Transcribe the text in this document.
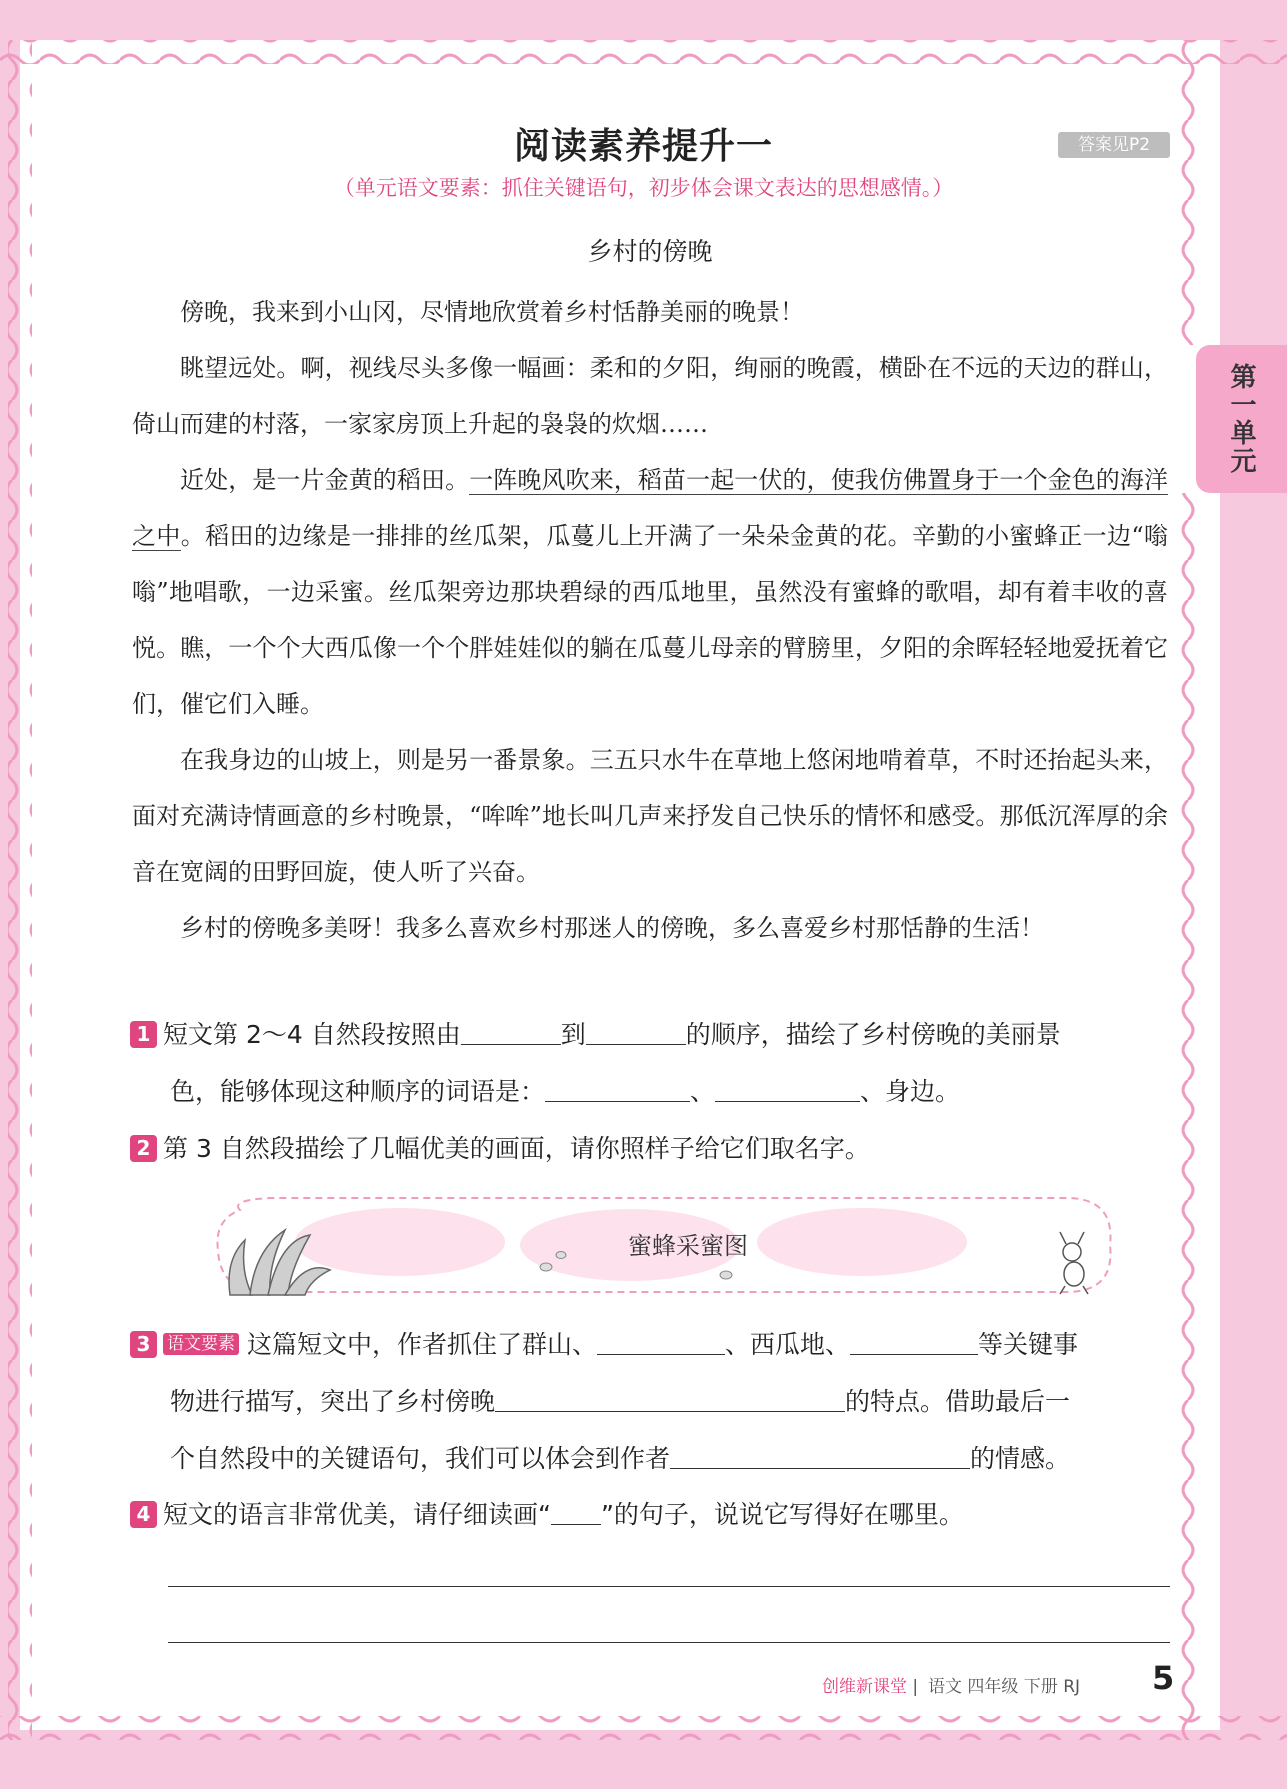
阅读素养提升一	答案见P2
（单元语文要素：抓住关键语句，初步体会课文表达的思想感情。）
第一单元
乡村的傍晚

傍晚，我来到小山冈，尽情地欣赏着乡村恬静美丽的晚景！

眺望远处。啊，视线尽头多像一幅画：柔和的夕阳，绚丽的晚霞，横卧在不远的天边的群山，倚山而建的村落，一家家房顶上升起的袅袅的炊烟……

近处，是一片金黄的稻田。一阵晚风吹来，稻苗一起一伏的，使我仿佛置身于一个金色的海洋之中。稻田的边缘是一排排的丝瓜架，瓜蔓儿上开满了一朵朵金黄的花。辛勤的小蜜蜂正一边“嗡嗡”地唱歌，一边采蜜。丝瓜架旁边那块碧绿的西瓜地里，虽然没有蜜蜂的歌唱，却有着丰收的喜悦。瞧，一个个大西瓜像一个个胖娃娃似的躺在瓜蔓儿母亲的臂膀里，夕阳的余晖轻轻地爱抚着它们，催它们入睡。

在我身边的山坡上，则是另一番景象。三五只水牛在草地上悠闲地啃着草，不时还抬起头来，面对充满诗情画意的乡村晚景，“哞哞”地长叫几声来抒发自己快乐的情怀和感受。那低沉浑厚的余音在宽阔的田野回旋，使人听了兴奋。

乡村的傍晚多美呀！我多么喜欢乡村那迷人的傍晚，多么喜爱乡村那恬静的生活！

1 短文第 2～4 自然段按照由	到	的顺序，描绘了乡村傍晚的美丽景
色，能够体现这种顺序的词语是：	、	、身边。
2 第 3 自然段描绘了几幅优美的画面，请你照样子给它们取名字。
蜜蜂采蜜图
3 语文要素 这篇短文中，作者抓住了群山、	、西瓜地、	等关键事
物进行描写，突出了乡村傍晚	的特点。借助最后一
个自然段中的关键语句，我们可以体会到作者	的情感。
4 短文的语言非常优美，请仔细读画“ ”的句子，说说它写得好在哪里。
创维新课堂 | 语文 四年级 下册 RJ 5
